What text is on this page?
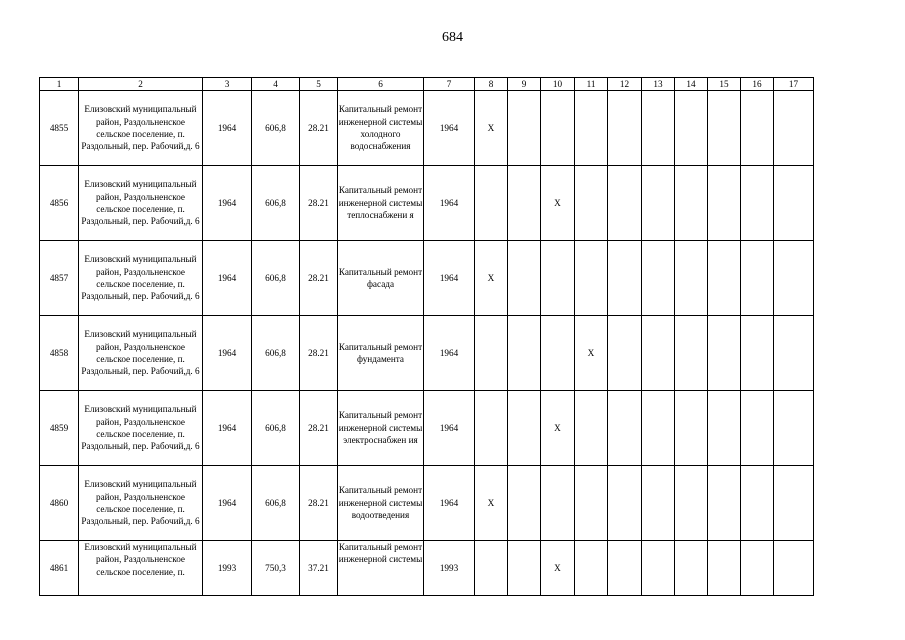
684
1	2	3	4	5	6	7	8	9	10	11	12	13	14	15	16	17	
4855	Елизовский муниципальный район, Раздольненское сельское поселение, п. Раздольный, пер. Рабочий,д. 6	1964	606,8	28.21	Капитальный ремонт инженерной системы холодного водоснабжения	1964	X										
4856	Елизовский муниципальный район, Раздольненское сельское поселение, п. Раздольный, пер. Рабочий,д. 6	1964	606,8	28.21	Капитальный ремонт инженерной системы теплоснабжени я	1964			X								
4857	Елизовский муниципальный район, Раздольненское сельское поселение, п. Раздольный, пер. Рабочий,д. 6	1964	606,8	28.21	Капитальный ремонт фасада	1964	X										
4858	Елизовский муниципальный район, Раздольненское сельское поселение, п. Раздольный, пер. Рабочий,д. 6	1964	606,8	28.21	Капитальный ремонт фундамента	1964				X							
4859	Елизовский муниципальный район, Раздольненское сельское поселение, п. Раздольный, пер. Рабочий,д. 6	1964	606,8	28.21	Капитальный ремонт инженерной системы электроснабжен ия	1964			X								
4860	Елизовский муниципальный район, Раздольненское сельское поселение, п. Раздольный, пер. Рабочий,д. 6	1964	606,8	28.21	Капитальный ремонт инженерной системы водоотведения	1964	X										
4861	Елизовский муниципальный район, Раздольненское сельское поселение, п.	1993	750,3	37.21	Капитальный ремонт инженерной системы	1993			X								
